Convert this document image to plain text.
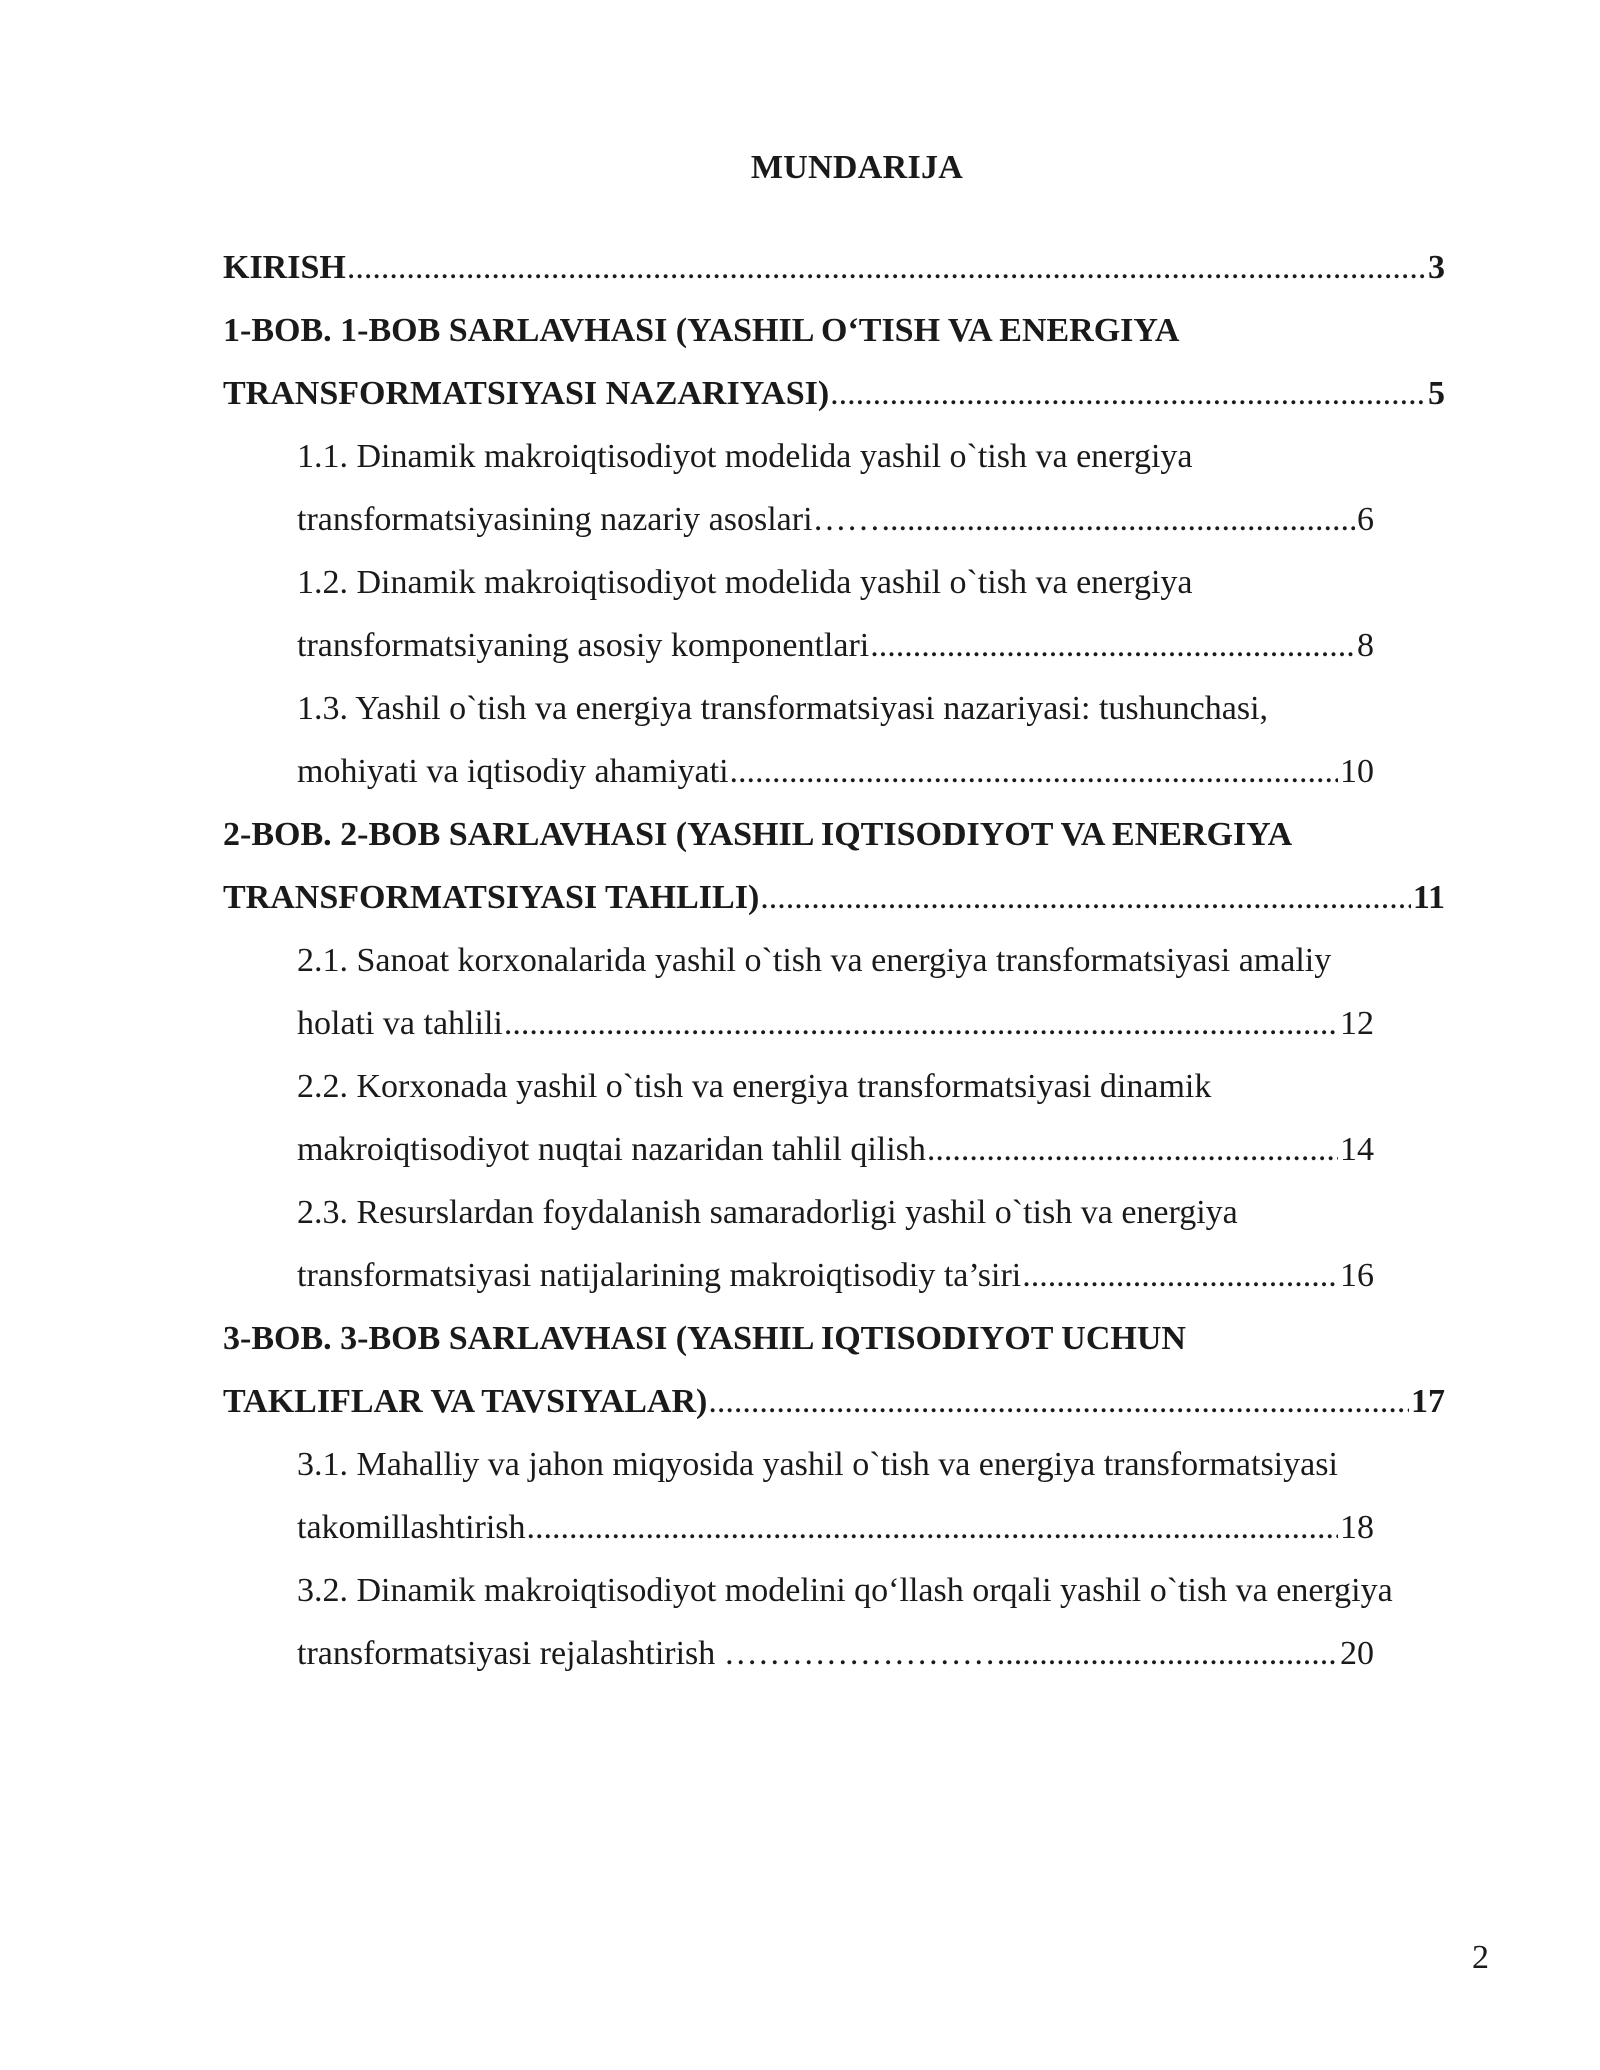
MUNDARIJA
KIRISH .....	3
1-BOB. 1-BOB SARLAVHASI (YASHIL O‘TISH VA ENERGIYA
TRANSFORMATSIYASI NAZARIYASI) .....	5
1.1. Dinamik makroiqtisodiyot modelida yashil o`tish va energiya
transformatsiyasining nazariy asoslari…… .....	6
1.2. Dinamik makroiqtisodiyot modelida yashil o`tish va energiya
transformatsiyaning asosiy komponentlari .....	8
1.3. Yashil o`tish va energiya transformatsiyasi nazariyasi: tushunchasi,
mohiyati va iqtisodiy ahamiyati .....	10
2-BOB. 2-BOB SARLAVHASI (YASHIL IQTISODIYOT VA ENERGIYA
TRANSFORMATSIYASI TAHLILI) .....	11
2.1. Sanoat korxonalarida yashil o`tish va energiya transformatsiyasi amaliy
holati va tahlili .....	12
2.2. Korxonada yashil o`tish va energiya transformatsiyasi dinamik
makroiqtisodiyot nuqtai nazaridan tahlil qilish .....	14
2.3. Resurslardan foydalanish samaradorligi yashil o`tish va energiya
transformatsiyasi natijalarining makroiqtisodiy ta’siri .....	16
3-BOB. 3-BOB SARLAVHASI (YASHIL IQTISODIYOT UCHUN
TAKLIFLAR VA TAVSIYALAR) .....	17
3.1. Mahalliy va jahon miqyosida yashil o`tish va energiya transformatsiyasi
takomillashtirish .....	18
3.2. Dinamik makroiqtisodiyot modelini qo‘llash orqali yashil o`tish va energiya
transformatsiyasi rejalashtirish …………………… .....	20
2
